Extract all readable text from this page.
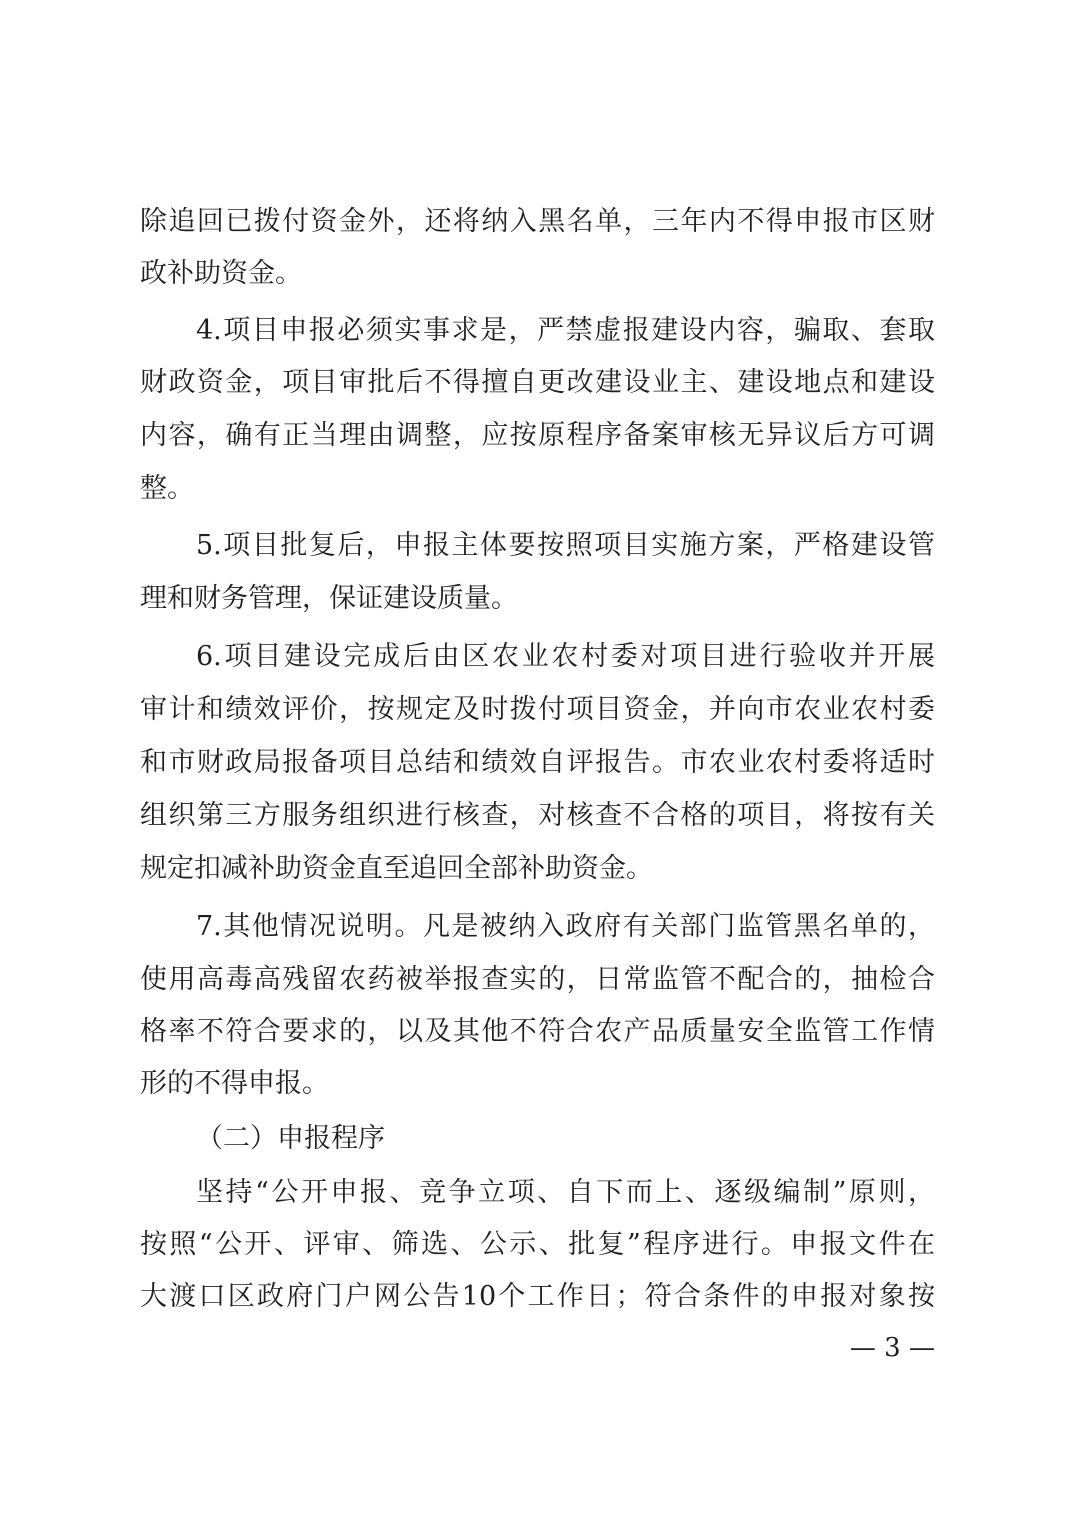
除追回已拨付资金外，还将纳入黑名单，三年内不得申报市区财
政补助资金。
4.项目申报必须实事求是，严禁虚报建设内容，骗取、套取
财政资金，项目审批后不得擅自更改建设业主、建设地点和建设
内容，确有正当理由调整，应按原程序备案审核无异议后方可调
整。
5.项目批复后，申报主体要按照项目实施方案，严格建设管
理和财务管理，保证建设质量。
6.项目建设完成后由区农业农村委对项目进行验收并开展
审计和绩效评价，按规定及时拨付项目资金，并向市农业农村委
和市财政局报备项目总结和绩效自评报告。市农业农村委将适时
组织第三方服务组织进行核查，对核查不合格的项目，将按有关
规定扣减补助资金直至追回全部补助资金。
7.其他情况说明。凡是被纳入政府有关部门监管黑名单的，
使用高毒高残留农药被举报查实的，日常监管不配合的，抽检合
格率不符合要求的，以及其他不符合农产品质量安全监管工作情
形的不得申报。
（二）申报程序
坚持“公开申报、竞争立项、自下而上、逐级编制”原则，
按照“公开、评审、筛选、公示、批复”程序进行。申报文件在
大渡口区政府门户网公告10个工作日；符合条件的申报对象按
— 3 —
